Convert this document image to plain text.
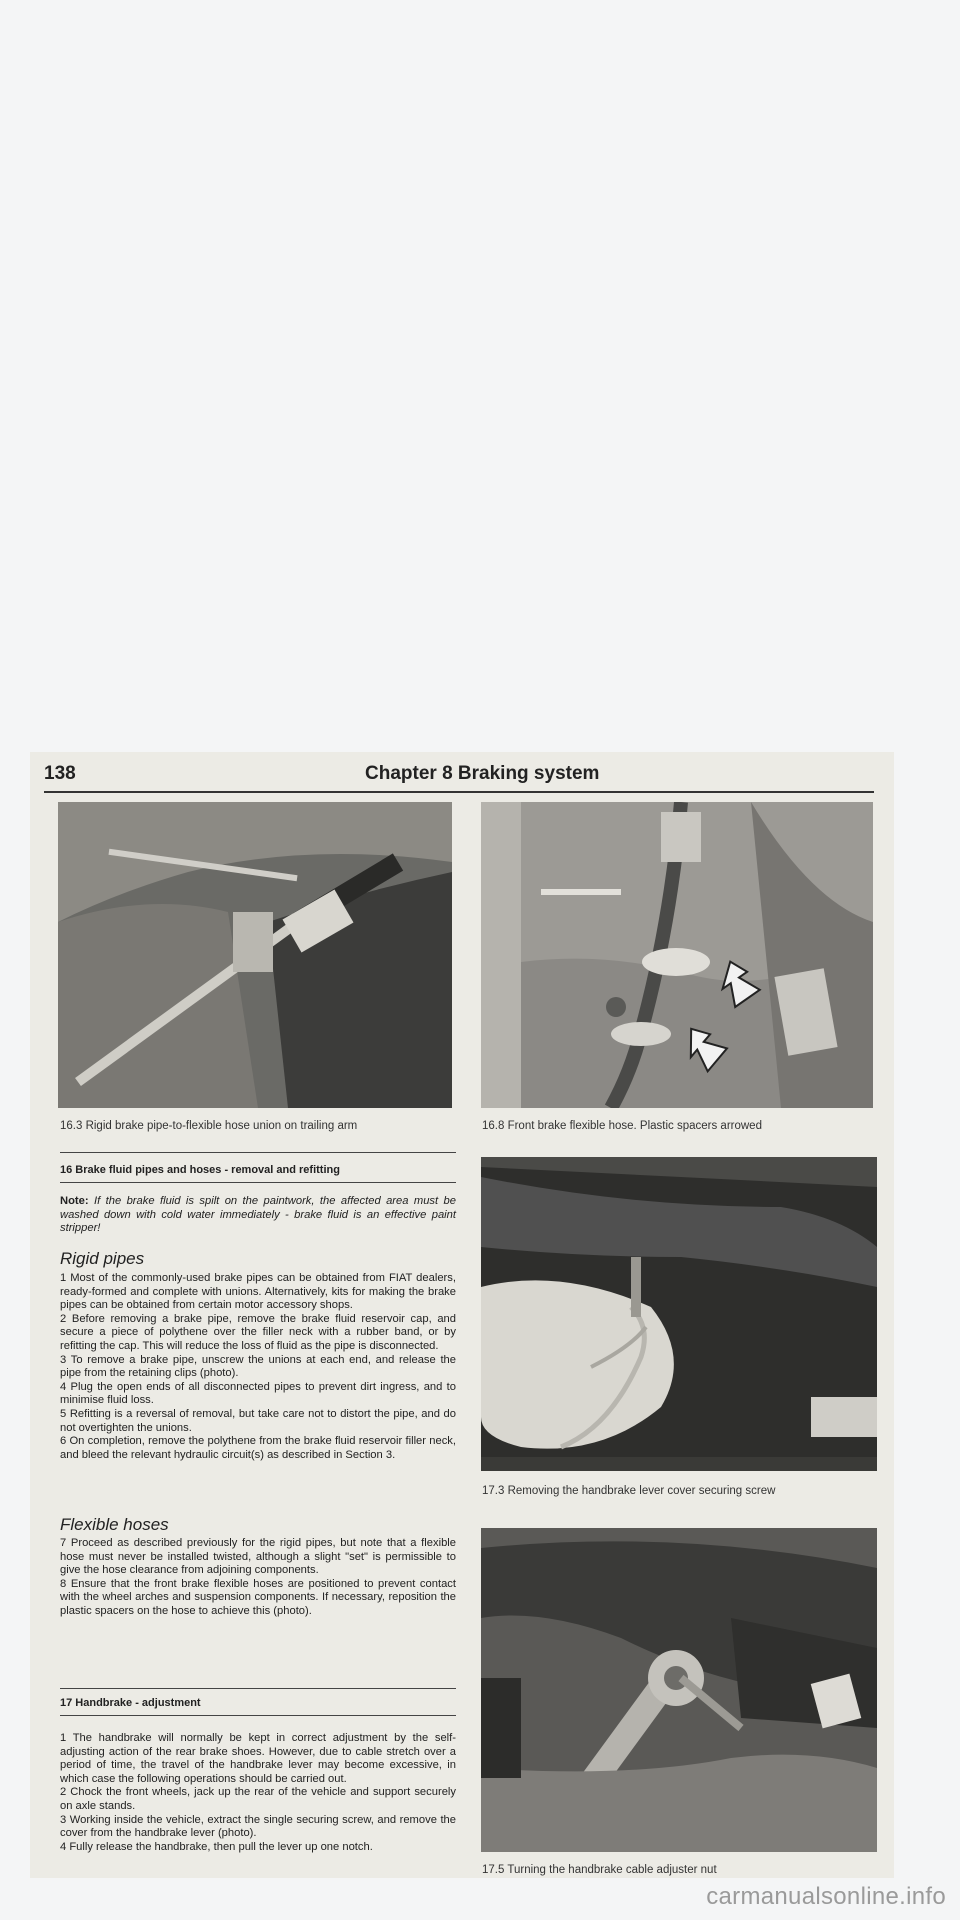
138	Chapter 8 Braking system
16.3 Rigid brake pipe-to-flexible hose union on trailing arm	16.8 Front brake flexible hose. Plastic spacers arrowed
17.3 Removing the handbrake lever cover securing screw
17.5 Turning the handbrake cable adjuster nut
16 Brake fluid pipes and hoses - removal and refitting

Note: If the brake fluid is spilt on the paintwork, the affected area must be washed down with cold water immediately - brake fluid is an effective paint stripper!

Rigid pipes

1 Most of the commonly-used brake pipes can be obtained from FIAT dealers, ready-formed and complete with unions. Alternatively, kits for making the brake pipes can be obtained from certain motor accessory shops.

2 Before removing a brake pipe, remove the brake fluid reservoir cap, and secure a piece of polythene over the filler neck with a rubber band, or by refitting the cap. This will reduce the loss of fluid as the pipe is disconnected.

3 To remove a brake pipe, unscrew the unions at each end, and release the pipe from the retaining clips (photo).

4 Plug the open ends of all disconnected pipes to prevent dirt ingress, and to minimise fluid loss.

5 Refitting is a reversal of removal, but take care not to distort the pipe, and do not overtighten the unions.

6 On completion, remove the polythene from the brake fluid reservoir filler neck, and bleed the relevant hydraulic circuit(s) as described in Section 3.

Flexible hoses

7 Proceed as described previously for the rigid pipes, but note that a flexible hose must never be installed twisted, although a slight "set" is permissible to give the hose clearance from adjoining components.

8 Ensure that the front brake flexible hoses are positioned to prevent contact with the wheel arches and suspension components. If necessary, reposition the plastic spacers on the hose to achieve this (photo).

17 Handbrake - adjustment

1 The handbrake will normally be kept in correct adjustment by the self-adjusting action of the rear brake shoes. However, due to cable stretch over a period of time, the travel of the handbrake lever may become excessive, in which case the following operations should be carried out.

2 Chock the front wheels, jack up the rear of the vehicle and support securely on axle stands.

3 Working inside the vehicle, extract the single securing screw, and remove the cover from the handbrake lever (photo).

4 Fully release the handbrake, then pull the lever up one notch.

carmanualsonline.info
